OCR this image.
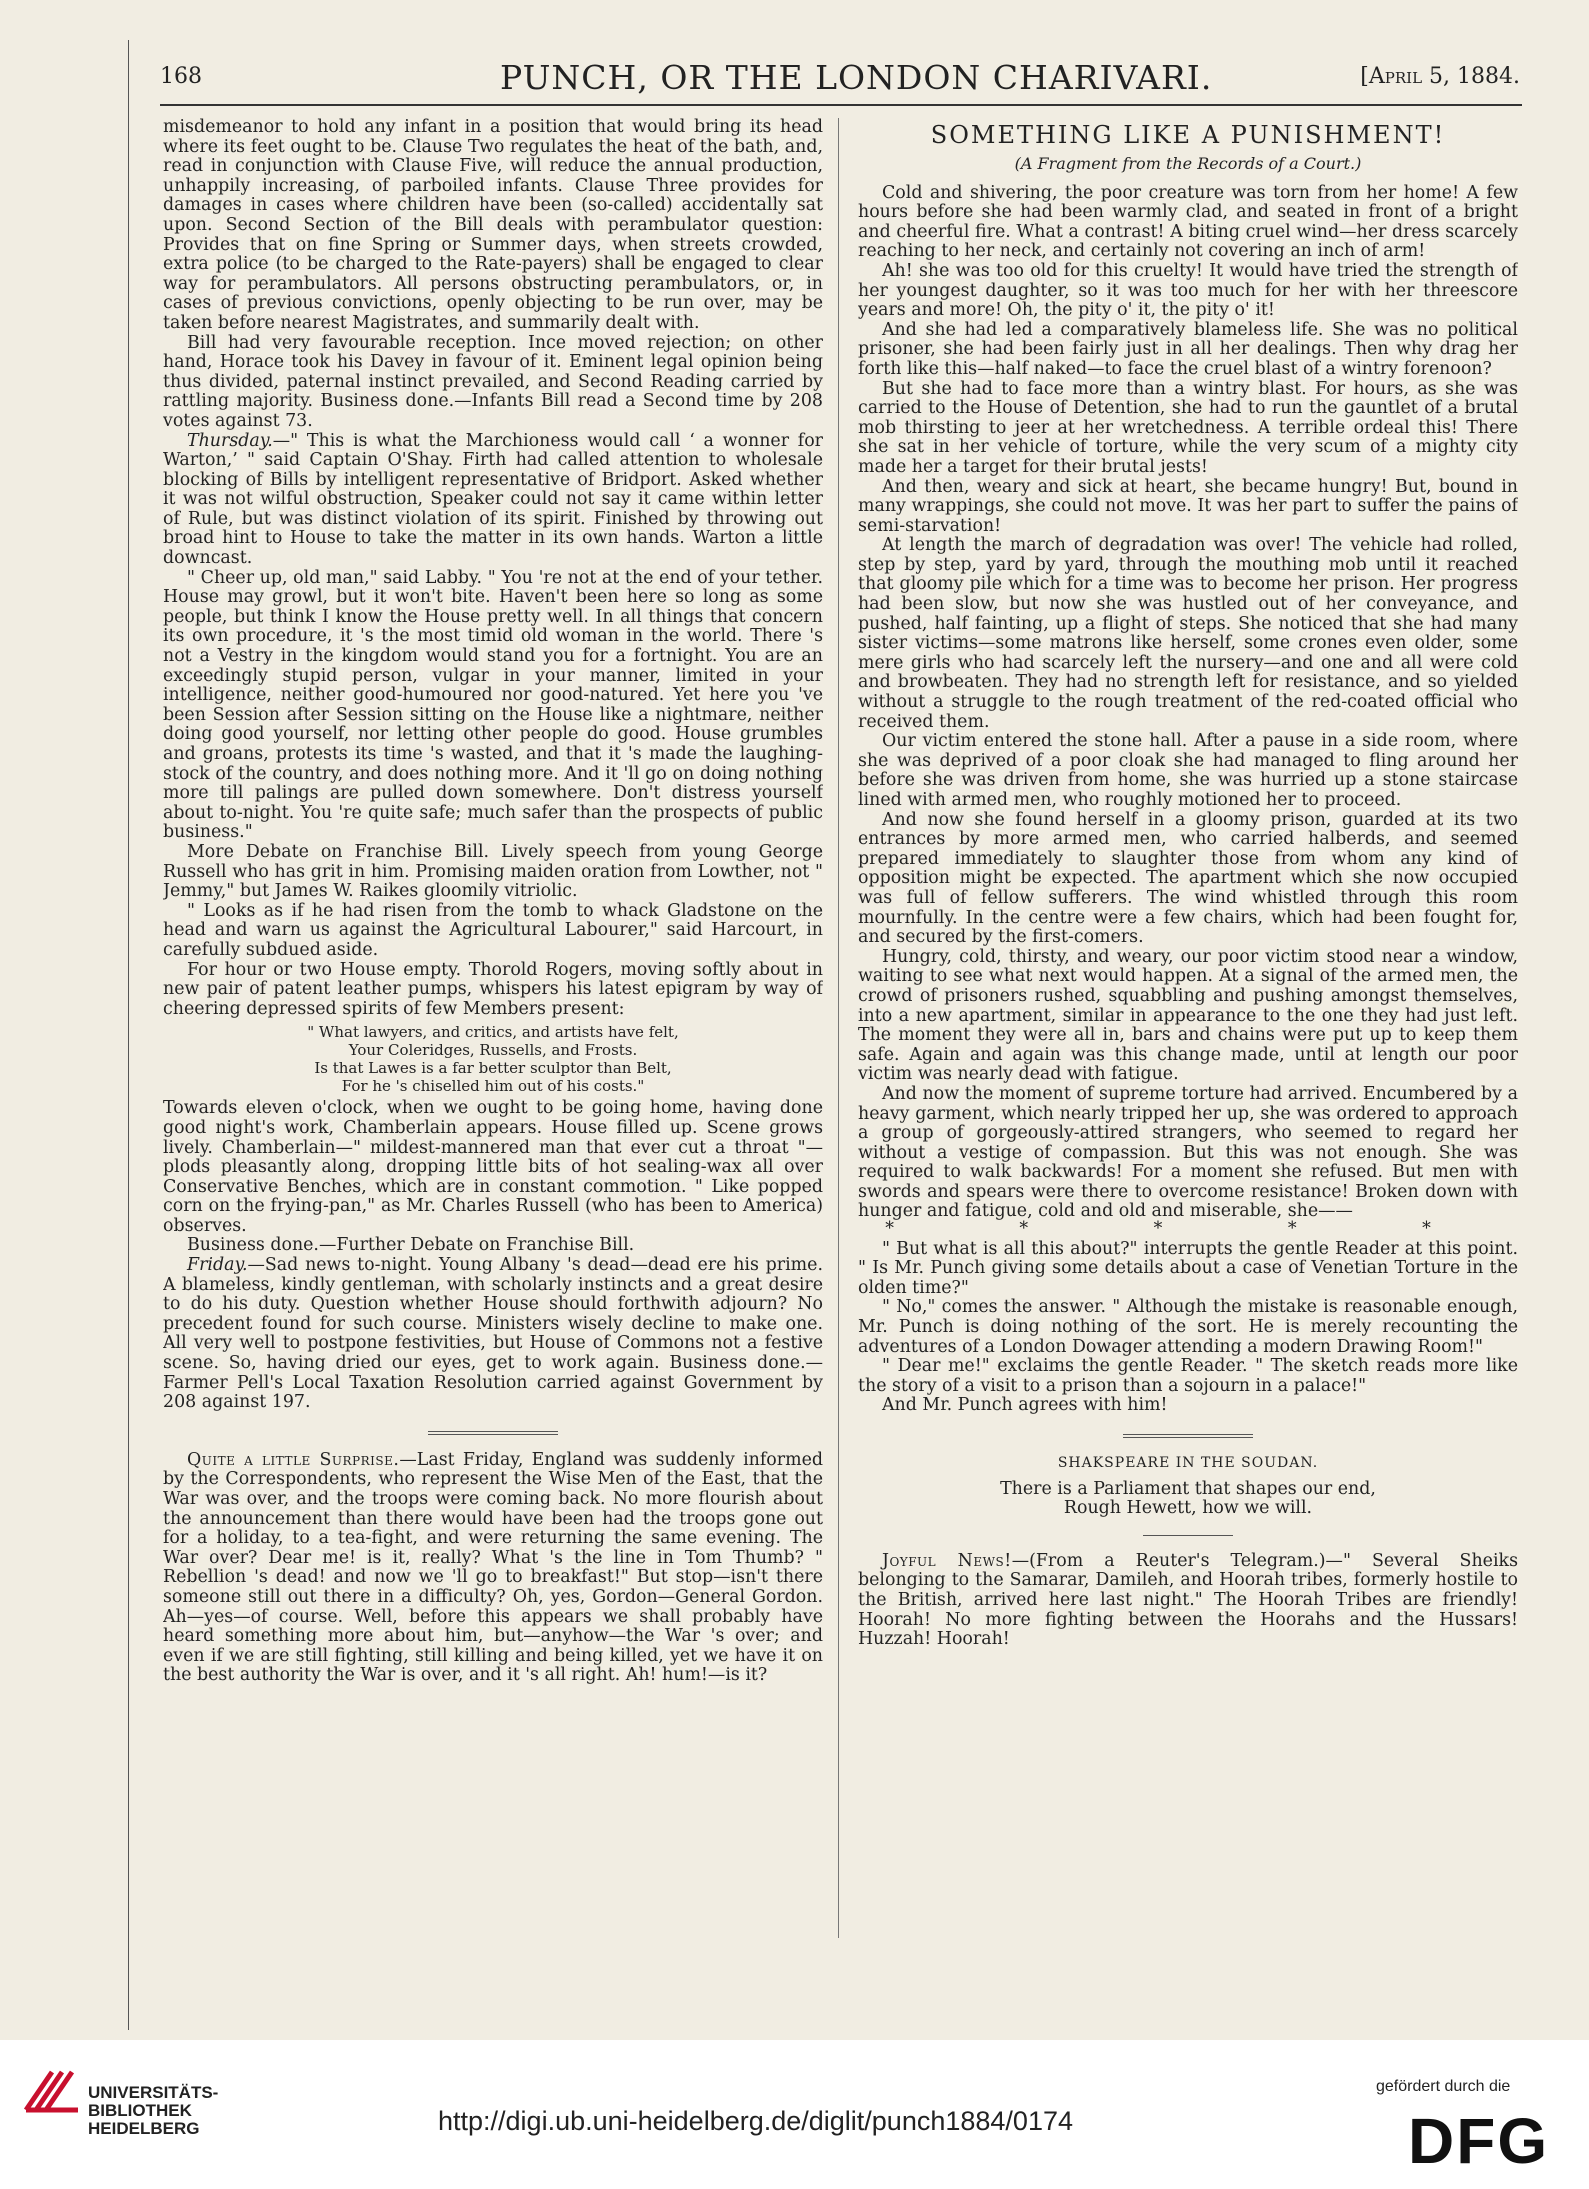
168	PUNCH, OR THE LONDON CHARIVARI.	[April 5, 1884.

misdemeanor to hold any infant in a position that would bring its head where its feet ought to be. Clause Two regulates the heat of the bath, and, read in conjunction with Clause Five, will reduce the annual production, unhappily increasing, of parboiled infants. Clause Three provides for damages in cases where children have been (so-called) accidentally sat upon. Second Section of the Bill deals with perambulator question: Provides that on fine Spring or Summer days, when streets crowded, extra police (to be charged to the Rate-payers) shall be engaged to clear way for perambulators. All persons obstructing perambulators, or, in cases of previous convictions, openly objecting to be run over, may be taken before nearest Magistrates, and summarily dealt with.

Bill had very favourable reception. Ince moved rejection; on other hand, Horace took his Davey in favour of it. Eminent legal opinion being thus divided, paternal instinct prevailed, and Second Reading carried by rattling majority. Business done.—Infants Bill read a Second time by 208 votes against 73.

Thursday.—" This is what the Marchioness would call ‘ a wonner for Warton,’ " said Captain O'Shay. Firth had called attention to wholesale blocking of Bills by intelligent representative of Bridport. Asked whether it was not wilful obstruction, Speaker could not say it came within letter of Rule, but was distinct violation of its spirit. Finished by throwing out broad hint to House to take the matter in its own hands. Warton a little downcast.

" Cheer up, old man," said Labby. " You 're not at the end of your tether. House may growl, but it won't bite. Haven't been here so long as some people, but think I know the House pretty well. In all things that concern its own procedure, it 's the most timid old woman in the world. There 's not a Vestry in the kingdom would stand you for a fortnight. You are an exceedingly stupid person, vulgar in your manner, limited in your intelligence, neither good-humoured nor good-natured. Yet here you 've been Session after Session sitting on the House like a nightmare, neither doing good yourself, nor letting other people do good. House grumbles and groans, protests its time 's wasted, and that it 's made the laughing-stock of the country, and does nothing more. And it 'll go on doing nothing more till palings are pulled down somewhere. Don't distress yourself about to-night. You 're quite safe; much safer than the prospects of public business."

More Debate on Franchise Bill. Lively speech from young George Russell who has grit in him. Promising maiden oration from Lowther, not " Jemmy," but James W. Raikes gloomily vitriolic.

" Looks as if he had risen from the tomb to whack Gladstone on the head and warn us against the Agricultural Labourer," said Harcourt, in carefully subdued aside.

For hour or two House empty. Thorold Rogers, moving softly about in new pair of patent leather pumps, whispers his latest epigram by way of cheering depressed spirits of few Members present:

" What lawyers, and critics, and artists have felt,
Your Coleridges, Russells, and Frosts.
Is that Lawes is a far better sculptor than Belt,
For he 's chiselled him out of his costs."

Towards eleven o'clock, when we ought to be going home, having done good night's work, Chamberlain appears. House filled up. Scene grows lively. Chamberlain—" mildest-mannered man that ever cut a throat "—plods pleasantly along, dropping little bits of hot sealing-wax all over Conservative Benches, which are in constant commotion. " Like popped corn on the frying-pan," as Mr. Charles Russell (who has been to America) observes.

Business done.—Further Debate on Franchise Bill.

Friday.—Sad news to-night. Young Albany 's dead—dead ere his prime. A blameless, kindly gentleman, with scholarly instincts and a great desire to do his duty. Question whether House should forthwith adjourn? No precedent found for such course. Ministers wisely decline to make one. All very well to postpone festivities, but House of Commons not a festive scene. So, having dried our eyes, get to work again. Business done.—Farmer Pell's Local Taxation Resolution carried against Government by 208 against 197.

Quite a little Surprise.—Last Friday, England was suddenly informed by the Correspondents, who represent the Wise Men of the East, that the War was over, and the troops were coming back. No more flourish about the announcement than there would have been had the troops gone out for a holiday, to a tea-fight, and were returning the same evening. The War over? Dear me! is it, really? What 's the line in Tom Thumb? " Rebellion 's dead! and now we 'll go to breakfast!" But stop—isn't there someone still out there in a difficulty? Oh, yes, Gordon—General Gordon. Ah—yes—of course. Well, before this appears we shall probably have heard something more about him, but—anyhow—the War 's over; and even if we are still fighting, still killing and being killed, yet we have it on the best authority the War is over, and it 's all right. Ah! hum!—is it?

SOMETHING LIKE A PUNISHMENT!
(A Fragment from the Records of a Court.)

Cold and shivering, the poor creature was torn from her home! A few hours before she had been warmly clad, and seated in front of a bright and cheerful fire. What a contrast! A biting cruel wind—her dress scarcely reaching to her neck, and certainly not covering an inch of arm!

Ah! she was too old for this cruelty! It would have tried the strength of her youngest daughter, so it was too much for her with her threescore years and more! Oh, the pity o' it, the pity o' it!

And she had led a comparatively blameless life. She was no political prisoner, she had been fairly just in all her dealings. Then why drag her forth like this—half naked—to face the cruel blast of a wintry forenoon?

But she had to face more than a wintry blast. For hours, as she was carried to the House of Detention, she had to run the gauntlet of a brutal mob thirsting to jeer at her wretchedness. A terrible ordeal this! There she sat in her vehicle of torture, while the very scum of a mighty city made her a target for their brutal jests!

And then, weary and sick at heart, she became hungry! But, bound in many wrappings, she could not move. It was her part to suffer the pains of semi-starvation!

At length the march of degradation was over! The vehicle had rolled, step by step, yard by yard, through the mouthing mob until it reached that gloomy pile which for a time was to become her prison. Her progress had been slow, but now she was hustled out of her conveyance, and pushed, half fainting, up a flight of steps. She noticed that she had many sister victims—some matrons like herself, some crones even older, some mere girls who had scarcely left the nursery—and one and all were cold and browbeaten. They had no strength left for resistance, and so yielded without a struggle to the rough treatment of the red-coated official who received them.

Our victim entered the stone hall. After a pause in a side room, where she was deprived of a poor cloak she had managed to fling around her before she was driven from home, she was hurried up a stone staircase lined with armed men, who roughly motioned her to proceed.

And now she found herself in a gloomy prison, guarded at its two entrances by more armed men, who carried halberds, and seemed prepared immediately to slaughter those from whom any kind of opposition might be expected. The apartment which she now occupied was full of fellow sufferers. The wind whistled through this room mournfully. In the centre were a few chairs, which had been fought for, and secured by the first-comers.

Hungry, cold, thirsty, and weary, our poor victim stood near a window, waiting to see what next would happen. At a signal of the armed men, the crowd of prisoners rushed, squabbling and pushing amongst themselves, into a new apartment, similar in appearance to the one they had just left. The moment they were all in, bars and chains were put up to keep them safe. Again and again was this change made, until at length our poor victim was nearly dead with fatigue.

And now the moment of supreme torture had arrived. Encumbered by a heavy garment, which nearly tripped her up, she was ordered to approach a group of gorgeously-attired strangers, who seemed to regard her without a vestige of compassion. But this was not enough. She was required to walk backwards! For a moment she refused. But men with swords and spears were there to overcome resistance! Broken down with hunger and fatigue, cold and old and miserable, she——

* * * * *

" But what is all this about?" interrupts the gentle Reader at this point. " Is Mr. Punch giving some details about a case of Venetian Torture in the olden time?"

" No," comes the answer. " Although the mistake is reasonable enough, Mr. Punch is doing nothing of the sort. He is merely recounting the adventures of a London Dowager attending a modern Drawing Room!"

" Dear me!" exclaims the gentle Reader. " The sketch reads more like the story of a visit to a prison than a sojourn in a palace!"

And Mr. Punch agrees with him!

SHAKSPEARE IN THE SOUDAN.
There is a Parliament that shapes our end,
Rough Hewett, how we will.

Joyful News!—(From a Reuter's Telegram.)—" Several Sheiks belonging to the Samarar, Damileh, and Hoorah tribes, formerly hostile to the British, arrived here last night." The Hoorah Tribes are friendly! Hoorah! No more fighting between the Hoorahs and the Hussars! Huzzah! Hoorah!

UNIVERSITÄTS-
BIBLIOTHEK
HEIDELBERG	http://digi.ub.uni-heidelberg.de/diglit/punch1884/0174
gefördert durch die
DFG
